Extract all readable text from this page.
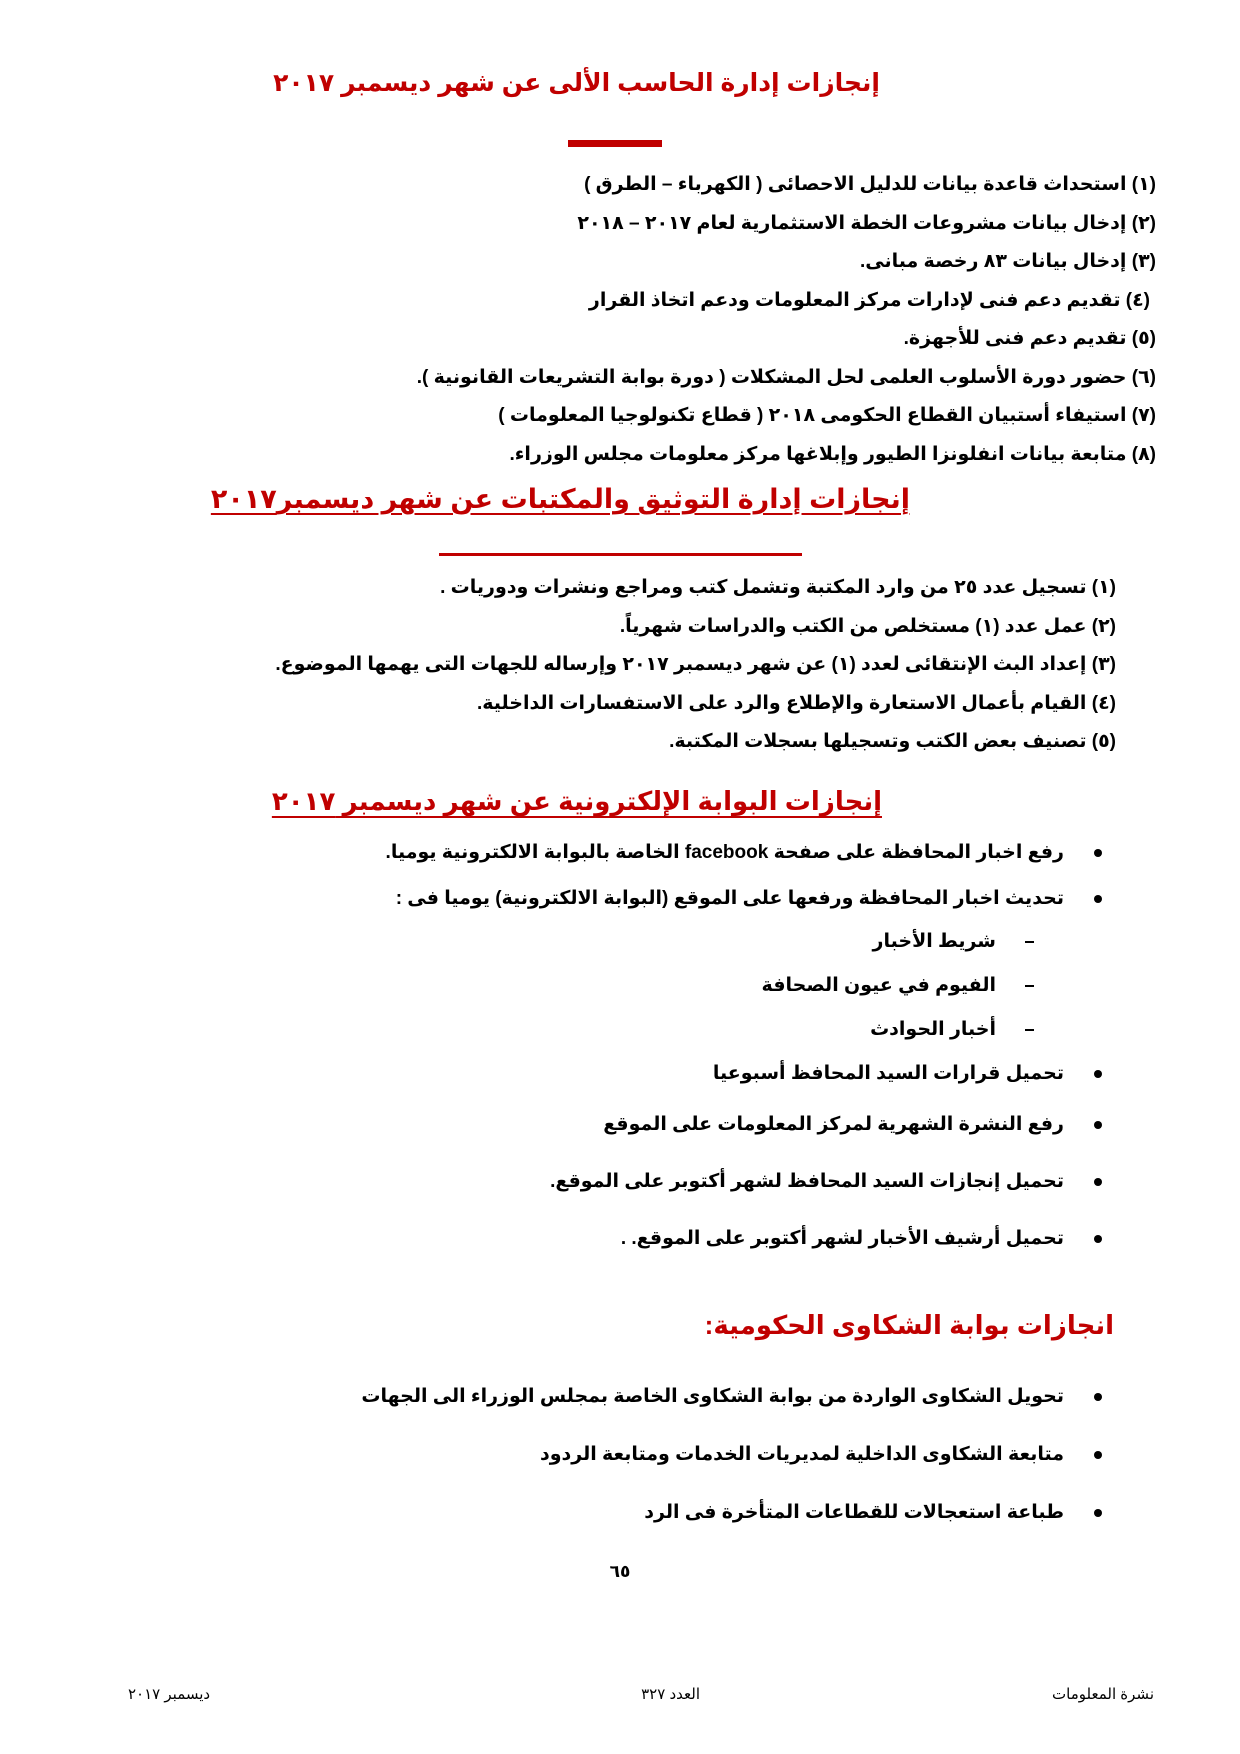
إنجازات إدارة الحاسب الألى عن شهر ديسمبر ٢٠١٧
(١) استحداث قاعدة بيانات للدليل الاحصائى ( الكهرباء – الطرق )
(٢) إدخال بيانات مشروعات الخطة الاستثمارية لعام ٢٠١٧ – ٢٠١٨
(٣) إدخال بيانات ٨٣ رخصة مبانى.
(٤) تقديم دعم فنى لإدارات مركز المعلومات ودعم اتخاذ القرار
(٥) تقديم دعم فنى للأجهزة.
(٦) حضور دورة الأسلوب العلمى لحل المشكلات ( دورة بوابة التشريعات القانونية ).
(٧) استيفاء أستبيان القطاع الحكومى ٢٠١٨ ( قطاع تكنولوجيا المعلومات )
(٨) متابعة بيانات انفلونزا الطيور وإبلاغها مركز معلومات مجلس الوزراء.
إنجازات إدارة التوثيق والمكتبات عن شهر ديسمبر٢٠١٧
(١) تسجيل عدد ٢٥ من وارد المكتبة وتشمل كتب ومراجع ونشرات ودوريات .
(٢) عمل عدد (١) مستخلص من الكتب والدراسات شهرياً.
(٣) إعداد البث الإنتقائى لعدد (١) عن شهر ديسمبر ٢٠١٧ وإرساله للجهات التى يهمها الموضوع.
(٤) القيام بأعمال الاستعارة والإطلاع والرد على الاستفسارات الداخلية.
(٥) تصنيف بعض الكتب وتسجيلها بسجلات المكتبة.
إنجازات البوابة الإلكترونية عن شهر ديسمبر ٢٠١٧
رفع اخبار المحافظة على صفحة facebook الخاصة بالبوابة الالكترونية يوميا.
تحديث اخبار المحافظة ورفعها على الموقع (البوابة الالكترونية) يوميا فى :
شريط الأخبار
الفيوم في عيون الصحافة
أخبار الحوادث
تحميل قرارات السيد المحافظ أسبوعيا
رفع النشرة الشهرية لمركز المعلومات على الموقع
تحميل إنجازات السيد المحافظ لشهر أكتوبر على الموقع.
تحميل أرشيف الأخبار لشهر أكتوبر على الموقع. .
انجازات بوابة الشكاوى الحكومية:
تحويل الشكاوى الواردة من بوابة الشكاوى الخاصة بمجلس الوزراء الى الجهات
متابعة الشكاوى الداخلية لمديريات الخدمات ومتابعة الردود
طباعة استعجالات للقطاعات المتأخرة فى الرد
٦٥
نشرة المعلومات
العدد ٣٢٧
ديسمبر ٢٠١٧
